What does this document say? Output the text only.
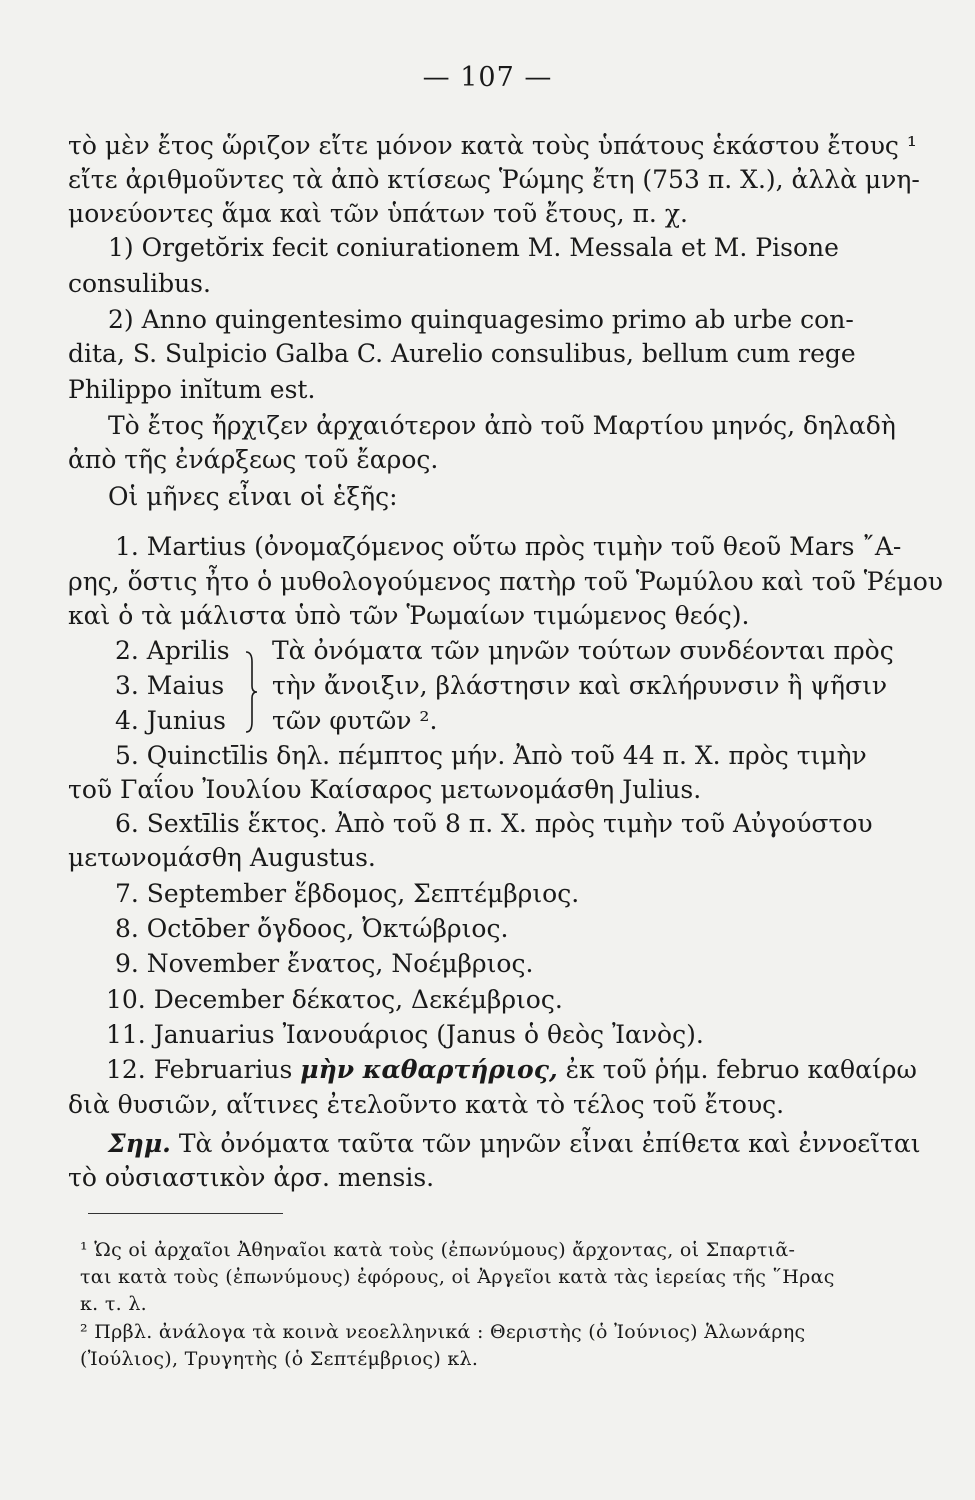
— 107 —
τὸ μὲν ἔτος ὥριζον εἴτε μόνον κατὰ τοὺς ὑπάτους ἑκάστου ἔτους ¹
εἴτε ἀριθμοῦντες τὰ ἀπὸ κτίσεως Ῥώμης ἔτη (753 π. Χ.), ἀλλὰ μνη-
μονεύοντες ἅμα καὶ τῶν ὑπάτων τοῦ ἔτους, π. χ.
1) Orgetŏrix fecit coniurationem M. Messala et M. Pisone
consulibus.
2) Anno quingentesimo quinquagesimo primo ab urbe con-
dita, S. Sulpicio Galba C. Aurelio consulibus, bellum cum rege
Philippo inĭtum est.
Τὸ ἔτος ἤρχιζεν ἀρχαιότερον ἀπὸ τοῦ Μαρτίου μηνός, δηλαδὴ
ἀπὸ τῆς ἐνάρξεως τοῦ ἔαρος.
Οἱ μῆνες εἶναι οἱ ἑξῆς:
1. Martius (ὀνομαζόμενος οὕτω πρὸς τιμὴν τοῦ θεοῦ Mars ῎Α-
ρης, ὅστις ἦτο ὁ μυθολογούμενος πατὴρ τοῦ Ῥωμύλου καὶ τοῦ Ῥέμου
καὶ ὁ τὰ μάλιστα ὑπὸ τῶν Ῥωμαίων τιμώμενος θεός).
2. Aprilis
3. Maius
4. Junius
Τὰ ὀνόματα τῶν μηνῶν τούτων συνδέονται πρὸς
τὴν ἄνοιξιν, βλάστησιν καὶ σκλήρυνσιν ἢ ψῆσιν
τῶν φυτῶν ².
5. Quinctīlis δηλ. πέμπτος μήν. Ἀπὸ τοῦ 44 π. Χ. πρὸς τιμὴν
τοῦ Γαΐου Ἰουλίου Καίσαρος μετωνομάσθη Julius.
6. Sextīlis ἕκτος. Ἀπὸ τοῦ 8 π. Χ. πρὸς τιμὴν τοῦ Αὐγούστου
μετωνομάσθη Augustus.
7. September ἕβδομος, Σεπτέμβριος.
8. Octōber ὄγδοος, Ὀκτώβριος.
9. November ἔνατος, Νοέμβριος.
10. December δέκατος, Δεκέμβριος.
11. Januarius Ἰανουάριος (Janus ὁ θεὸς Ἰανὸς).
12. Februarius μὴν καθαρτήριος, ἐκ τοῦ ῥήμ. februo καθαίρω
διὰ θυσιῶν, αἵτινες ἐτελοῦντο κατὰ τὸ τέλος τοῦ ἔτους.
Σημ. Τὰ ὀνόματα ταῦτα τῶν μηνῶν εἶναι ἐπίθετα καὶ ἐννοεῖται
τὸ οὐσιαστικὸν ἀρσ. mensis.
¹ Ὡς οἱ ἀρχαῖοι Ἀθηναῖοι κατὰ τοὺς (ἐπωνύμους) ἄρχοντας, οἱ Σπαρτιᾶ-
ται κατὰ τοὺς (ἐπωνύμους) ἐφόρους, οἱ Ἀργεῖοι κατὰ τὰς ἱερείας τῆς ῞Ηρας
κ. τ. λ.
² Πρβλ. ἀνάλογα τὰ κοινὰ νεοελληνικά : Θεριστὴς (ὁ Ἰούνιος) Ἁλωνάρης
(Ἰούλιος), Τρυγητὴς (ὁ Σεπτέμβριος) κλ.
